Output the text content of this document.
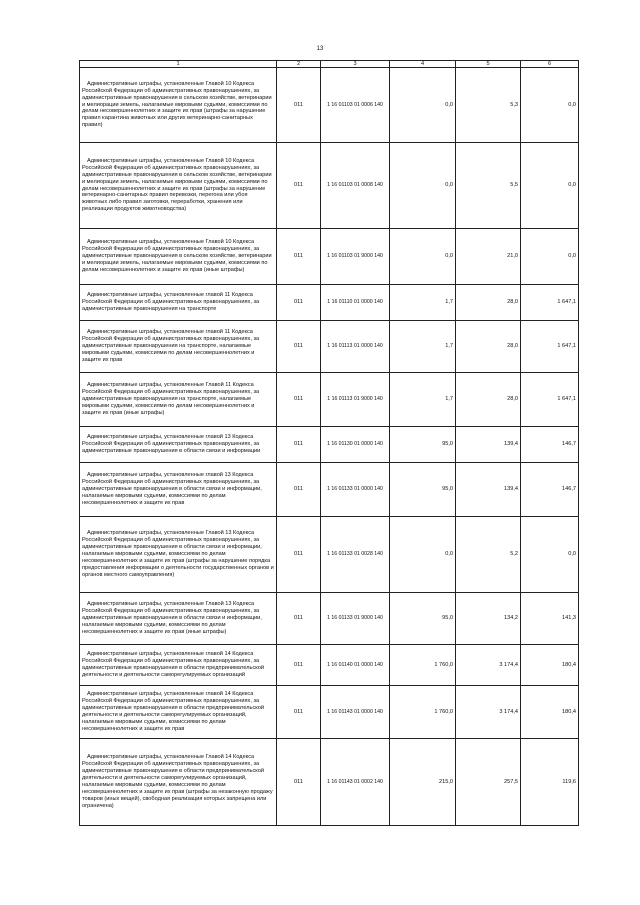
13
1	2	3	4	5	6

Административные штрафы, установленные Главой 10 Кодекса Российской Федерации об административных правонарушениях, за административные правонарушения в сельском хозяйстве, ветеринарии и мелиорации земель, налагаемые мировыми судьями, комиссиями по делам несовершеннолетних и защите их прав (штрафы за нарушение правил карантина животных или других ветеринарно-санитарных правил)	011	1 16 01103 01 0006 140	0,0	5,3	0,0

Административные штрафы, установленные Главой 10 Кодекса Российской Федерации об административных правонарушениях, за административные правонарушения в сельском хозяйстве, ветеринарии и мелиорации земель, налагаемые мировыми судьями, комиссиями по делам несовершеннолетних и защите их прав (штрафы за нарушение ветеринарно-санитарных правил перевозки, перегона или убоя животных либо правил заготовки, переработки, хранения или реализации продуктов животноводства)	011	1 16 01103 01 0008 140	0,0	5,5	0,0

Административные штрафы, установленные Главой 10 Кодекса Российской Федерации об административных правонарушениях, за административные правонарушения в сельском хозяйстве, ветеринарии и мелиорации земель, налагаемые мировыми судьями, комиссиями по делам несовершеннолетних и защите их прав (иные штрафы)	011	1 16 01103 01 9000 140	0,0	21,0	0,0

Административные штрафы, установленные главой 11 Кодекса Российской Федерации об административных правонарушениях, за административные правонарушения на транспорте	011	1 16 01110 01 0000 140	1,7	28,0	1 647,1

Административные штрафы, установленные главой 11 Кодекса Российской Федерации об административных правонарушениях, за административные правонарушения на транспорте, налагаемые мировыми судьями, комиссиями по делам несовершеннолетних и защите их прав	011	1 16 01113 01 0000 140	1,7	28,0	1 647,1

Административные штрафы, установленные Главой 11 Кодекса Российской Федерации об административных правонарушениях, за административные правонарушения на транспорте, налагаемые мировыми судьями, комиссиями по делам несовершеннолетних и защите их прав (иные штрафы)	011	1 16 01113 01 9000 140	1,7	28,0	1 647,1

Административные штрафы, установленные главой 13 Кодекса Российской Федерации об административных правонарушениях, за административные правонарушения в области связи и информации	011	1 16 01130 01 0000 140	95,0	139,4	146,7

Административные штрафы, установленные главой 13 Кодекса Российской Федерации об административных правонарушениях, за административные правонарушения в области связи и информации, налагаемые мировыми судьями, комиссиями по делам несовершеннолетних и защите их прав	011	1 16 01133 01 0000 140	95,0	139,4	146,7

Административные штрафы, установленные Главой 13 Кодекса Российской Федерации об административных правонарушениях, за административные правонарушения в области связи и информации, налагаемые мировыми судьями, комиссиями по делам несовершеннолетних и защите их прав (штрафы за нарушение порядка предоставления информации о деятельности государственных органов и органов местного самоуправления)	011	1 16 01133 01 0028 140	0,0	5,2	0,0

Административные штрафы, установленные Главой 13 Кодекса Российской Федерации об административных правонарушениях, за административные правонарушения в области связи и информации, налагаемые мировыми судьями, комиссиями по делам несовершеннолетних и защите их прав (иные штрафы)	011	1 16 01133 01 9000 140	95,0	134,2	141,3

Административные штрафы, установленные главой 14 Кодекса Российской Федерации об административных правонарушениях, за административные правонарушения в области предпринимательской деятельности и деятельности саморегулируемых организаций	011	1 16 01140 01 0000 140	1 760,0	3 174,4	180,4

Административные штрафы, установленные главой 14 Кодекса Российской Федерации об административных правонарушениях, за административные правонарушения в области предпринимательской деятельности и деятельности саморегулируемых организаций, налагаемые мировыми судьями, комиссиями по делам несовершеннолетних и защите их прав	011	1 16 01143 01 0000 140	1 760,0	3 174,4	180,4

Административные штрафы, установленные Главой 14 Кодекса Российской Федерации об административных правонарушениях, за административные правонарушения в области предпринимательской деятельности и деятельности саморегулируемых организаций, налагаемые мировыми судьями, комиссиями по делам несовершеннолетних и защите их прав (штрафы за незаконную продажу товаров (иных вещей), свободная реализация которых запрещена или ограничена)	011	1 16 01143 01 0002 140	215,0	257,5	119,6
